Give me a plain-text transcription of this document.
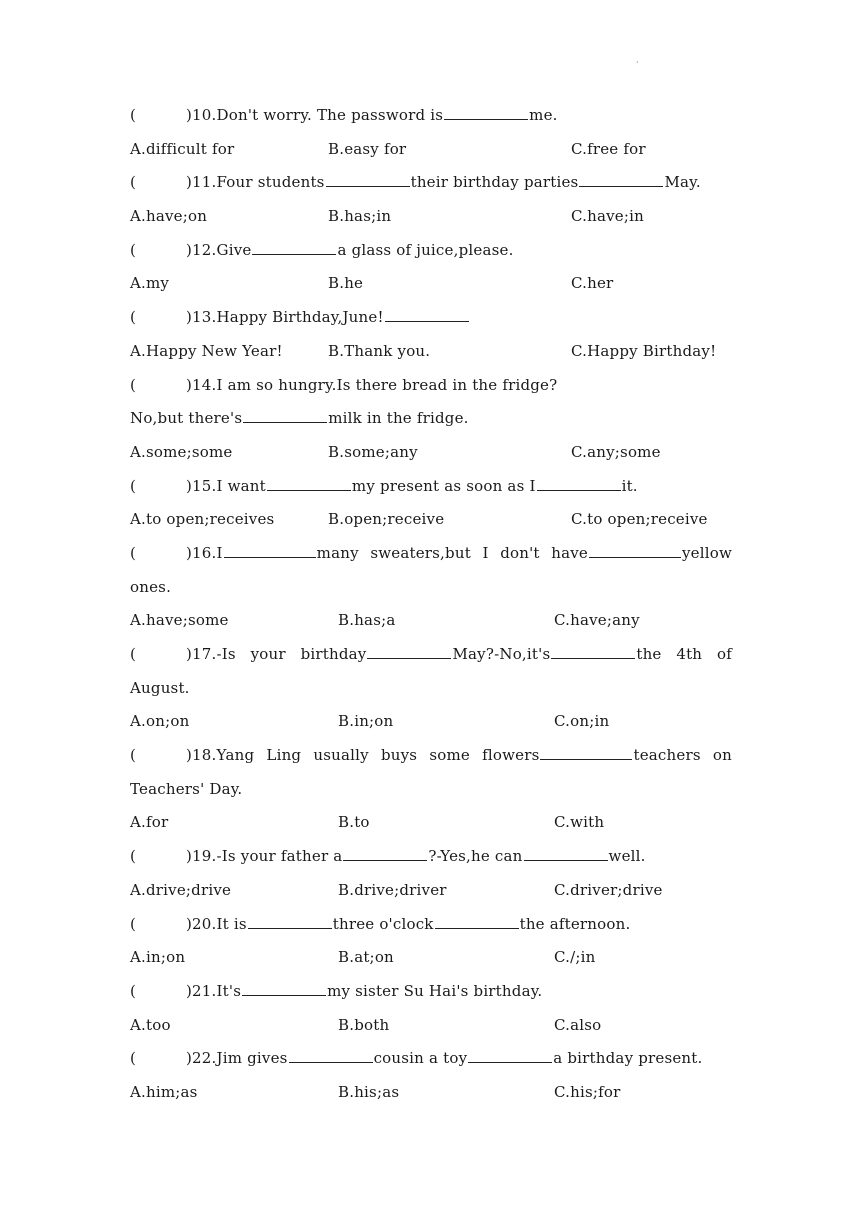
·
(	)10.Don't worry. The password is	me.
A.difficult for	B.easy for	C.free for
(	)11.Four students	their birthday parties	May.
A.have;on	B.has;in	C.have;in
(	)12.Give	a glass of juice,please.
A.my	B.he	C.her
(	)13.Happy Birthday,June!
A.Happy New Year!	B.Thank you.	C.Happy Birthday!
(	)14.I am so hungry.Is there bread in the fridge?
No,but there's	milk in the fridge.
A.some;some	B.some;any	C.any;some
(	)15.I want	my present as soon as I	it.
A.to open;receives	B.open;receive	C.to open;receive
(	)16.I	many sweaters,but I don't have	yellow
ones.
A.have;some	B.has;a	C.have;any
(	)17.-Is your birthday	May?-No,it's	the 4th of
August.
A.on;on	B.in;on	C.on;in
(	)18.Yang Ling usually buys some flowers	teachers on
Teachers' Day.
A.for	B.to	C.with
(	)19.-Is your father a	?-Yes,he can	well.
A.drive;drive	B.drive;driver	C.driver;drive
(	)20.It is	three o'clock	the afternoon.
A.in;on	B.at;on	C./;in
(	)21.It's	my sister Su Hai's birthday.
A.too	B.both	C.also
(	)22.Jim gives	cousin a toy	a birthday present.
A.him;as	B.his;as	C.his;for
